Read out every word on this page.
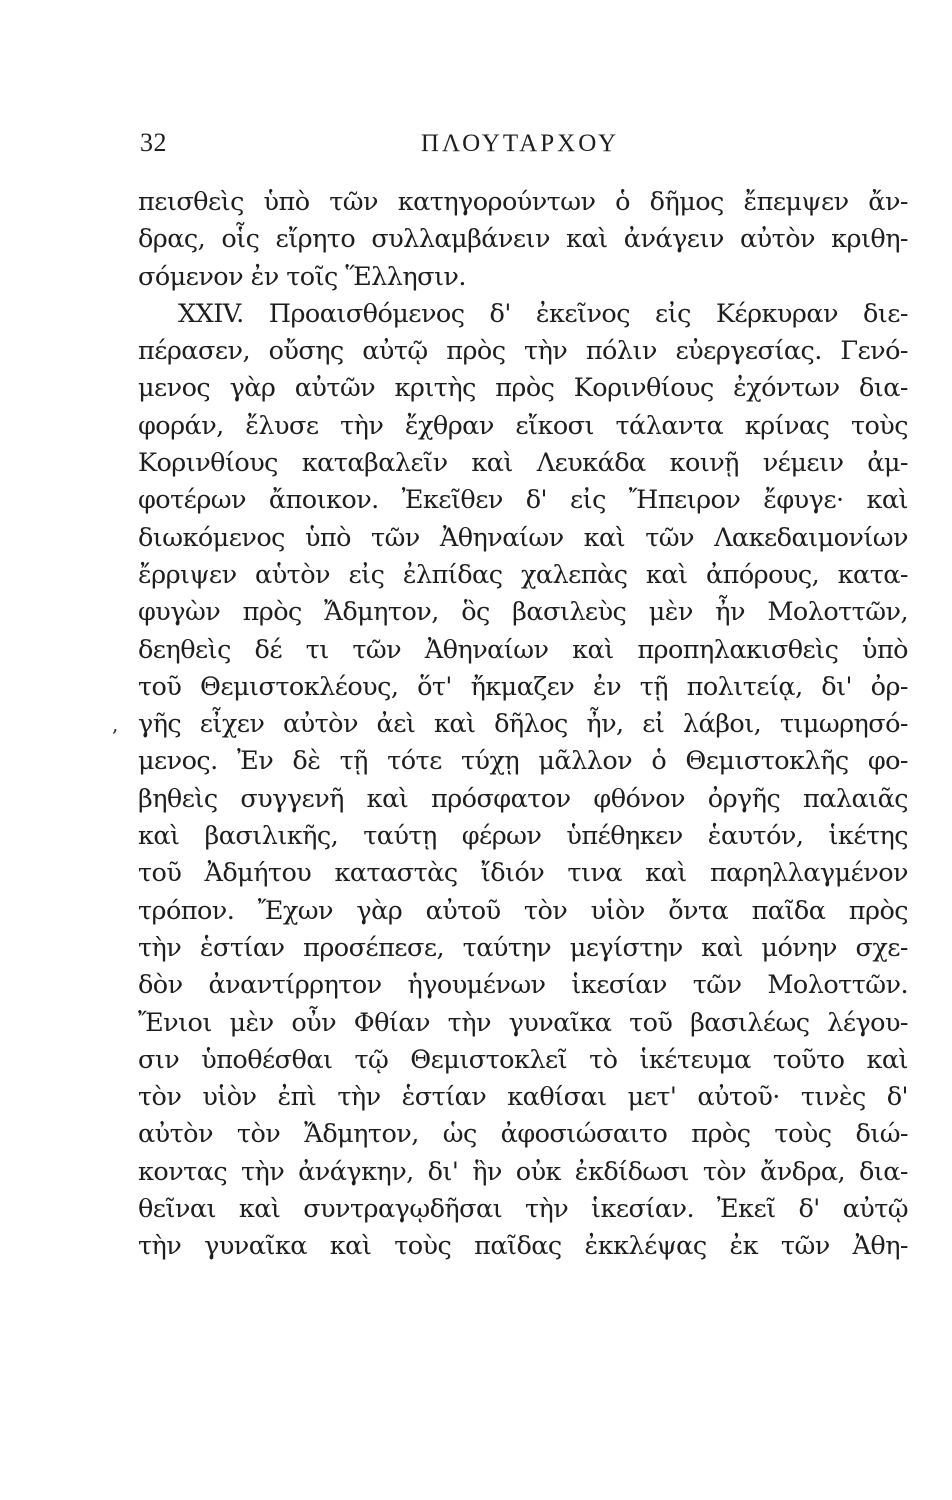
32	ΠΛΟΥΤΑΡΧΟΥ
,
πεισθεὶς ὑπὸ τῶν κατηγορούντων ὁ δῆμος ἔπεμψεν ἄν-
δρας, οἷς εἴρητο συλλαμβάνειν καὶ ἀνάγειν αὐτὸν κριθη-
σόμενον ἐν τοῖς Ἕλλησιν.
XXIV. Προαισθόμενος δ' ἐκεῖνος εἰς Κέρκυραν διε-
πέρασεν, οὔσης αὐτῷ πρὸς τὴν πόλιν εὐεργεσίας. Γενό-
μενος γὰρ αὐτῶν κριτὴς πρὸς Κορινθίους ἐχόντων δια-
φοράν, ἔλυσε τὴν ἔχθραν εἴκοσι τάλαντα κρίνας τοὺς
Κορινθίους καταβαλεῖν καὶ Λευκάδα κοινῇ νέμειν ἀμ-
φοτέρων ἄποικον. Ἐκεῖθεν δ' εἰς Ἤπειρον ἔφυγε· καὶ
διωκόμενος ὑπὸ τῶν Ἀθηναίων καὶ τῶν Λακεδαιμονίων
ἔρριψεν αὑτὸν εἰς ἐλπίδας χαλεπὰς καὶ ἀπόρους, κατα-
φυγὼν πρὸς Ἄδμητον, ὃς βασιλεὺς μὲν ἦν Μολοττῶν,
δεηθεὶς δέ τι τῶν Ἀθηναίων καὶ προπηλακισθεὶς ὑπὸ
τοῦ Θεμιστοκλέους, ὅτ' ἤκμαζεν ἐν τῇ πολιτείᾳ, δι' ὀρ-
γῆς εἶχεν αὐτὸν ἀεὶ καὶ δῆλος ἦν, εἰ λάβοι, τιμωρησό-
μενος. Ἐν δὲ τῇ τότε τύχῃ μᾶλλον ὁ Θεμιστοκλῆς φο-
βηθεὶς συγγενῆ καὶ πρόσφατον φθόνον ὀργῆς παλαιᾶς
καὶ βασιλικῆς, ταύτῃ φέρων ὑπέθηκεν ἑαυτόν, ἱκέτης
τοῦ Ἀδμήτου καταστὰς ἴδιόν τινα καὶ παρηλλαγμένον
τρόπον. Ἔχων γὰρ αὐτοῦ τὸν υἱὸν ὄντα παῖδα πρὸς
τὴν ἑστίαν προσέπεσε, ταύτην μεγίστην καὶ μόνην σχε-
δὸν ἀναντίρρητον ἡγουμένων ἱκεσίαν τῶν Μολοττῶν.
Ἔνιοι μὲν οὖν Φθίαν τὴν γυναῖκα τοῦ βασιλέως λέγου-
σιν ὑποθέσθαι τῷ Θεμιστοκλεῖ τὸ ἱκέτευμα τοῦτο καὶ
τὸν υἱὸν ἐπὶ τὴν ἑστίαν καθίσαι μετ' αὐτοῦ· τινὲς δ'
αὐτὸν τὸν Ἄδμητον, ὡς ἀφοσιώσαιτο πρὸς τοὺς διώ-
κοντας τὴν ἀνάγκην, δι' ἣν οὐκ ἐκδίδωσι τὸν ἄνδρα, δια-
θεῖναι καὶ συντραγῳδῆσαι τὴν ἱκεσίαν. Ἐκεῖ δ' αὐτῷ
τὴν γυναῖκα καὶ τοὺς παῖδας ἐκκλέψας ἐκ τῶν Ἀθη-
